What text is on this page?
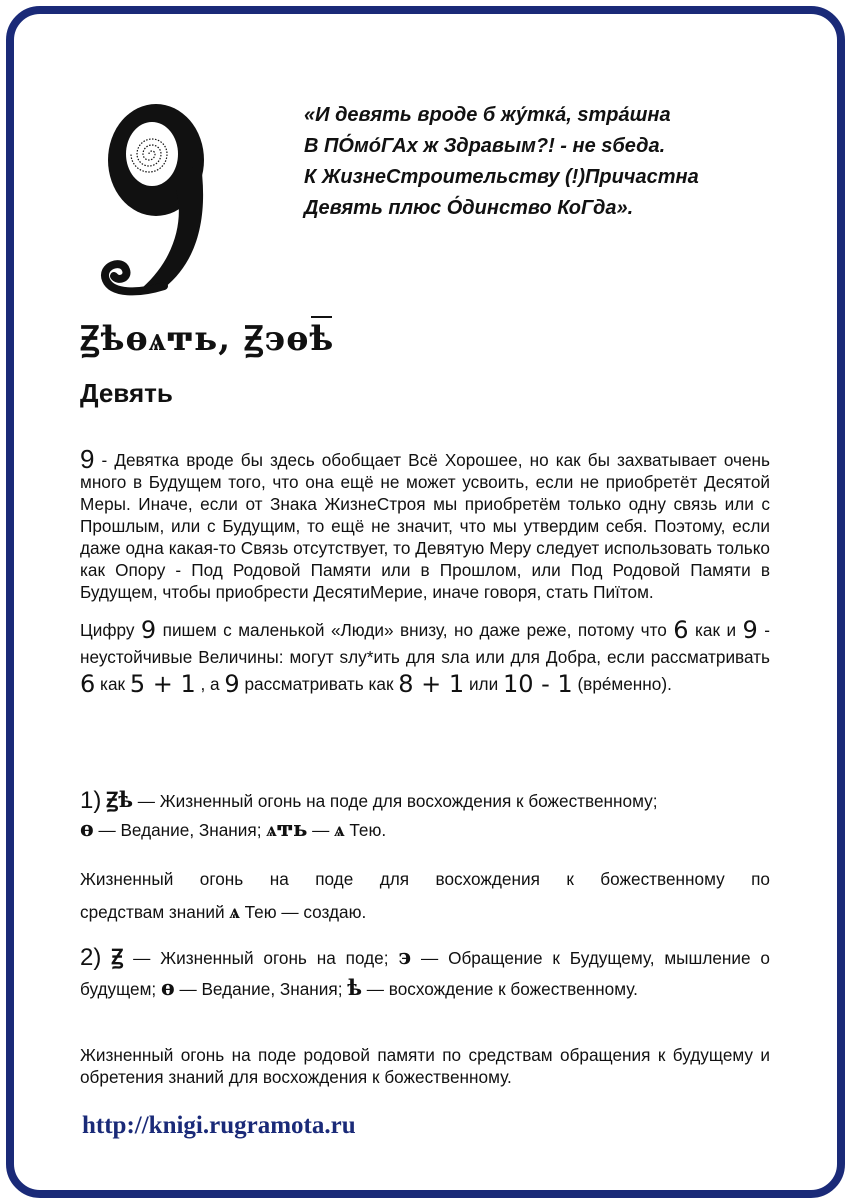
«И девять вроде б жу́тка́, sтра́шна
В ПО́мо́ГАх ж Здравым?! - не sбеда.
К ЖизнеСтроительству (!)Причастна
Девять плюс О́динство КоГда».
Ꙃѣѳѧͳь, Ꙃ϶ѳѣ
Девять

9 - Девятка вроде бы здесь обобщает Всё Хорошее, но как бы захватывает очень много в Будущем того, что она ещё не может усвоить, если не приобретёт Десятой Меры. Иначе, если от Знака ЖизнеСтроя мы приобретём только одну связь или с Прошлым, или с Будущим, то ещё не значит, что мы утвердим себя. Поэтому, если даже одна какая-то Связь отсутствует, то Девятую Меру следует использовать только как Опору - Под Родовой Памяти или в Прошлом, или Под Родовой Памяти в Будущем, чтобы приобрести ДесятиМерие, иначе говоря, стать Пиїтом.

Цифру 9 пишем с маленькой «Люди» внизу, но даже реже, потому что 6 как и 9 - неустойчивые Величины: могут sлу*ить для sла или для Добра, если рассматривать 6 как 5 + 1 , а 9 рассматривать как 8 + 1 или 10 - 1 (вре́менно).

1) Ꙃѣ — Жизненный огонь на поде для восхождения к божественному;
ѳ — Ведание, Знания; ѧͳь — ѧ Тею.
Жизненный огонь на поде для восхождения к божественному по
средствам знаний ѧ Тею — создаю.
2) Ꙃ — Жизненный огонь на поде; ϶ — Обращение к Будущему, мышление о будущем; ѳ — Ведание, Знания; ѣ — восхождение к божественному.
Жизненный огонь на поде родовой памяти по средствам обращения к будущему и обретения знаний для восхождения к божественному.
http://knigi.rugramota.ru
